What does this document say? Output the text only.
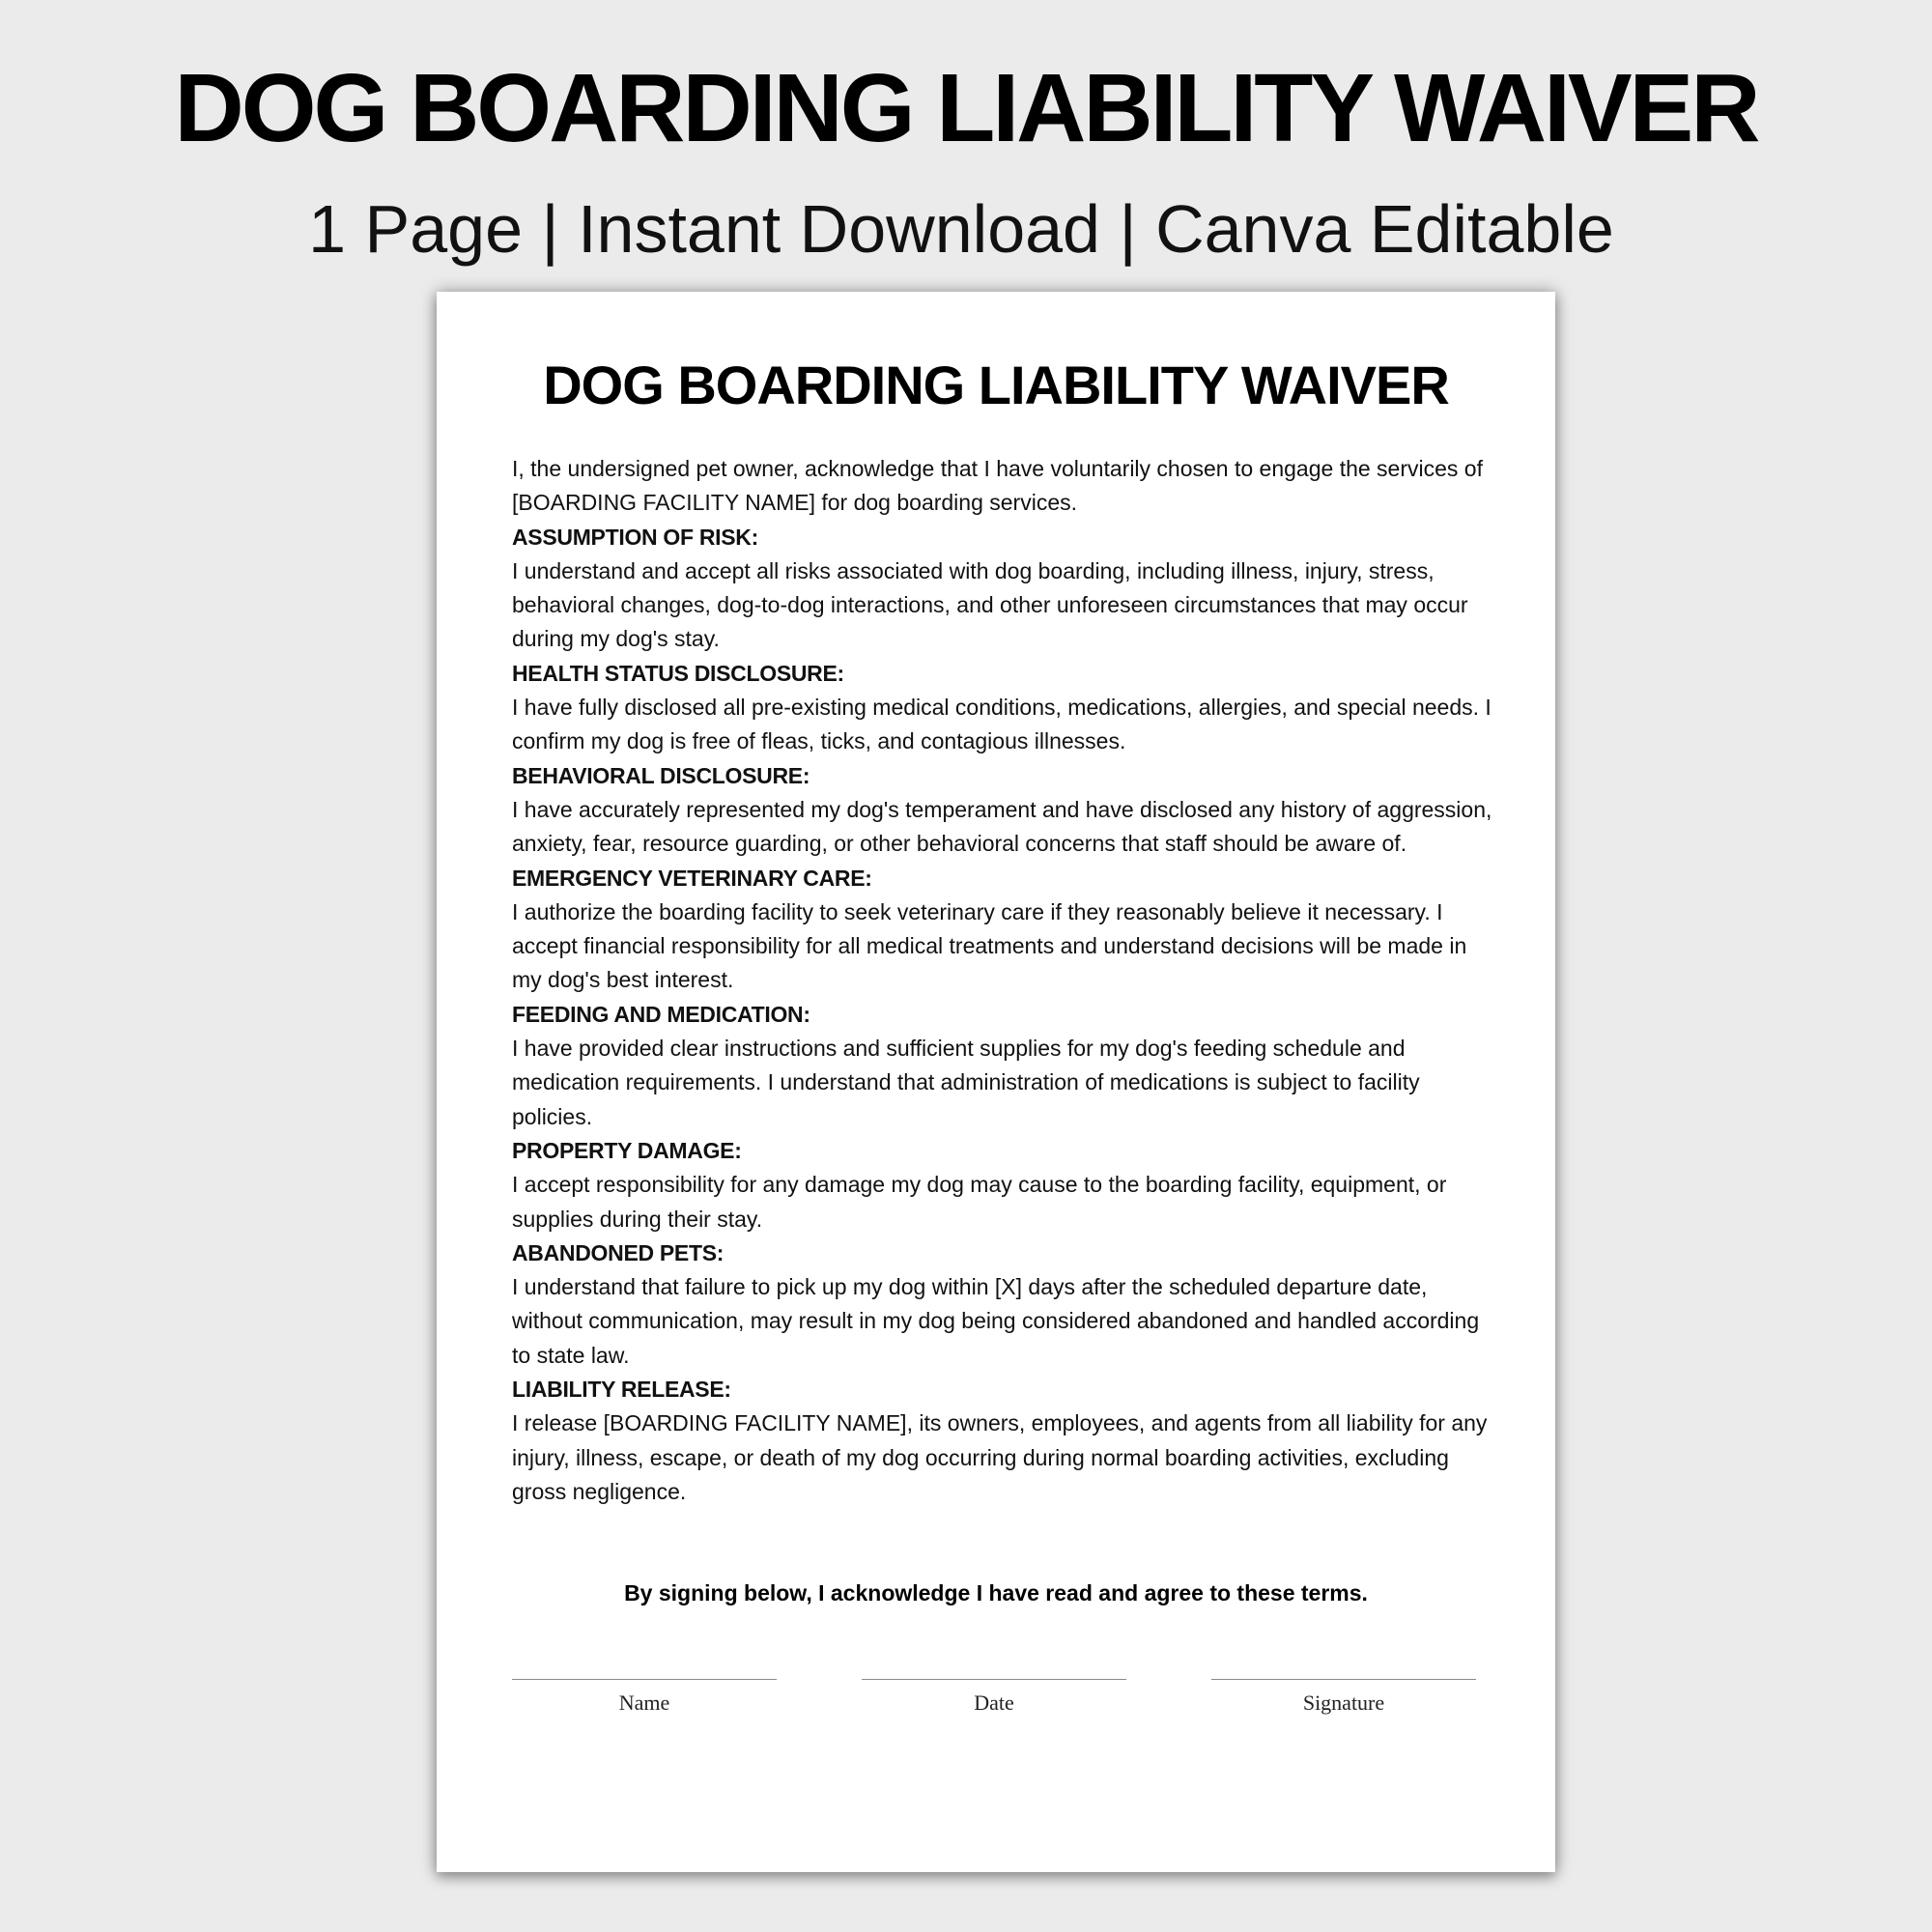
DOG BOARDING LIABILITY WAIVER
1 Page | Instant Download | Canva Editable
DOG BOARDING LIABILITY WAIVER

I, the undersigned pet owner, acknowledge that I have voluntarily chosen to engage the services of [BOARDING FACILITY NAME] for dog boarding services.

ASSUMPTION OF RISK:

I understand and accept all risks associated with dog boarding, including illness, injury, stress, behavioral changes, dog-to-dog interactions, and other unforeseen circumstances that may occur during my dog's stay.

HEALTH STATUS DISCLOSURE:

I have fully disclosed all pre-existing medical conditions, medications, allergies, and special needs. I confirm my dog is free of fleas, ticks, and contagious illnesses.

BEHAVIORAL DISCLOSURE:

I have accurately represented my dog's temperament and have disclosed any history of aggression, anxiety, fear, resource guarding, or other behavioral concerns that staff should be aware of.

EMERGENCY VETERINARY CARE:

I authorize the boarding facility to seek veterinary care if they reasonably believe it necessary. I accept financial responsibility for all medical treatments and understand decisions will be made in my dog's best interest.

FEEDING AND MEDICATION:

I have provided clear instructions and sufficient supplies for my dog's feeding schedule and medication requirements. I understand that administration of medications is subject to facility policies.

PROPERTY DAMAGE:

I accept responsibility for any damage my dog may cause to the boarding facility, equipment, or supplies during their stay.

ABANDONED PETS:

I understand that failure to pick up my dog within [X] days after the scheduled departure date, without communication, may result in my dog being considered abandoned and handled according to state law.

LIABILITY RELEASE:

I release [BOARDING FACILITY NAME], its owners, employees, and agents from all liability for any injury, illness, escape, or death of my dog occurring during normal boarding activities, excluding gross negligence.

By signing below, I acknowledge I have read and agree to these terms.
Name	Date	Signature
